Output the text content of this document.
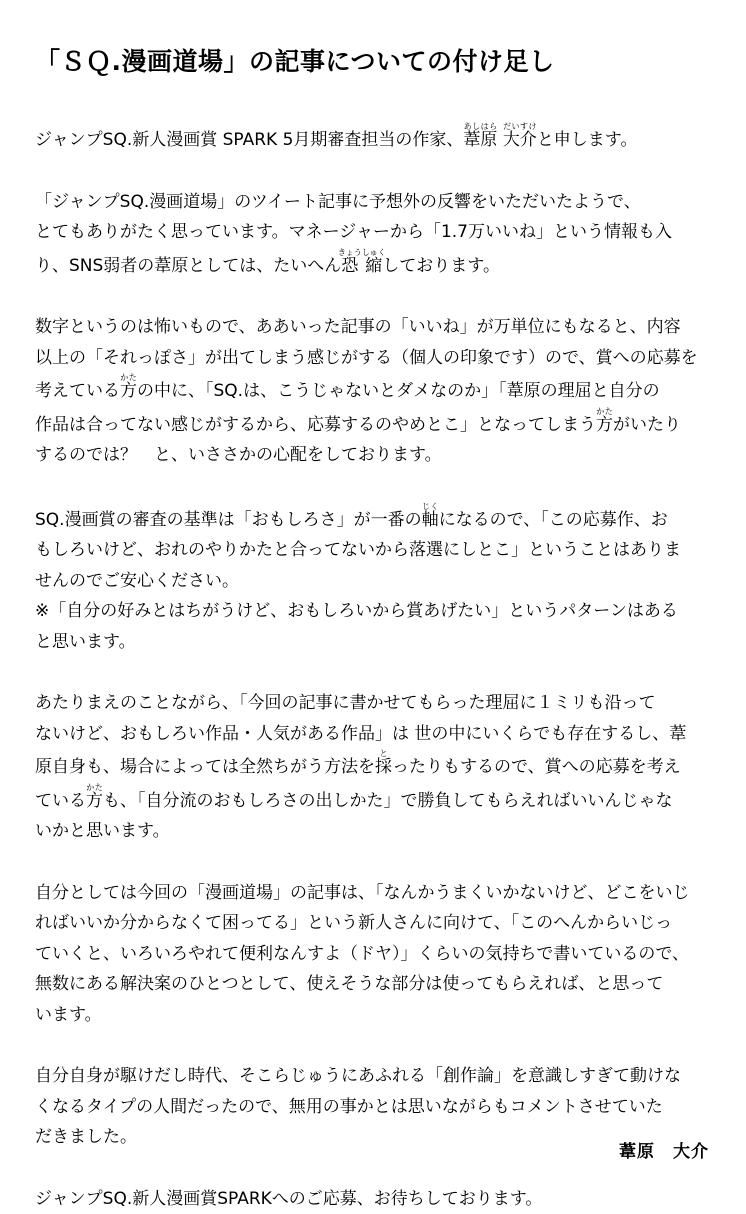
「ＳＱ.漫画道場」の記事についての付け足し
ジャンプSQ.新人漫画賞 SPARK 5月期審査担当の作家、葦原あしはら 大介だいすけと申します。
「ジャンプSQ.漫画道場」のツイート記事に予想外の反響をいただいたようで、
とてもありがたく思っています。マネージャーから「1.7万いいね」という情報も入
り、SNS弱者の葦原としては、たいへん恐縮きょうしゅくしております。
数字というのは怖いもので、ああいった記事の「いいね」が万単位にもなると、内容
以上の「それっぽさ」が出てしまう感じがする（個人の印象です）ので、賞への応募を
考えている方かたの中に、「SQ.は、こうじゃないとダメなのか」「葦原の理屈と自分の
作品は合ってない感じがするから、応募するのやめとこ」となってしまう方かたがいたり
するのでは？　と、いささかの心配をしております。
SQ.漫画賞の審査の基準は「おもしろさ」が一番の軸じくになるので、「この応募作、お
もしろいけど、おれのやりかたと合ってないから落選にしとこ」ということはありま
せんのでご安心ください。
※「自分の好みとはちがうけど、おもしろいから賞あげたい」というパターンはある
と思います。
あたりまえのことながら、「今回の記事に書かせてもらった理屈に１ミリも沿って
ないけど、おもしろい作品・人気がある作品」は 世の中にいくらでも存在するし、葦
原自身も、場合によっては全然ちがう方法を採とったりもするので、賞への応募を考え
ている方かたも、「自分流のおもしろさの出しかた」で勝負してもらえればいいんじゃな
いかと思います。
自分としては今回の「漫画道場」の記事は、「なんかうまくいかないけど、どこをいじ
ればいいか分からなくて困ってる」という新人さんに向けて、「このへんからいじっ
ていくと、いろいろやれて便利なんすよ（ドヤ）」くらいの気持ちで書いているので、
無数にある解決案のひとつとして、使えそうな部分は使ってもらえれば、と思って
います。
自分自身が駆けだし時代、そこらじゅうにあふれる「創作論」を意識しすぎて動けな
くなるタイプの人間だったので、無用の事かとは思いながらもコメントさせていた
だきました。
ジャンプSQ.新人漫画賞SPARKへのご応募、お待ちしております。
葦原　大介
